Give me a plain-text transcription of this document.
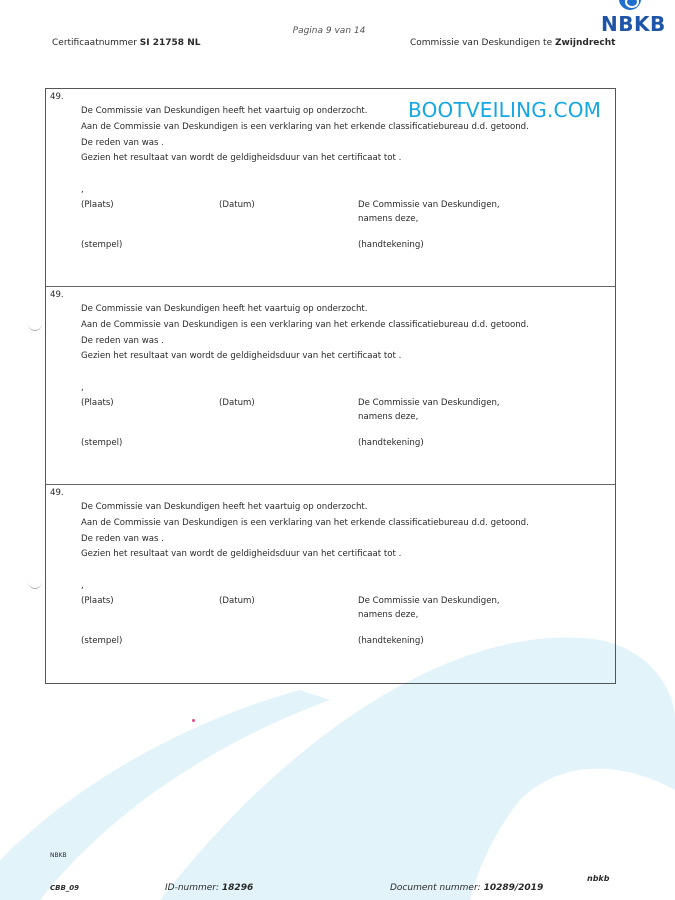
Pagina 9 van 14
Certificaatnummer SI 21758 NL	Commissie van Deskundigen te Zwijndrecht
NBKB
BOOTVEILING.COM
49.
De Commissie van Deskundigen heeft het vaartuig op onderzocht.
Aan de Commissie van Deskundigen is een verklaring van het erkende classificatiebureau d.d. getoond.
De reden van was .
Gezien het resultaat van wordt de geldigheidsduur van het certificaat tot .
,
(Plaats)	(Datum)	De Commissie van Deskundigen,
namens deze,
(stempel)	(handtekening)
49.
De Commissie van Deskundigen heeft het vaartuig op onderzocht.
Aan de Commissie van Deskundigen is een verklaring van het erkende classificatiebureau d.d. getoond.
De reden van was .
Gezien het resultaat van wordt de geldigheidsduur van het certificaat tot .
,
(Plaats)	(Datum)	De Commissie van Deskundigen,
namens deze,
(stempel)	(handtekening)
49.
De Commissie van Deskundigen heeft het vaartuig op onderzocht.
Aan de Commissie van Deskundigen is een verklaring van het erkende classificatiebureau d.d. getoond.
De reden van was .
Gezien het resultaat van wordt de geldigheidsduur van het certificaat tot .
,
(Plaats)	(Datum)	De Commissie van Deskundigen,
namens deze,
(stempel)	(handtekening)
NBKB
CBB_09	ID-nummer: 18296	Document nummer: 10289/2019
nbkb
